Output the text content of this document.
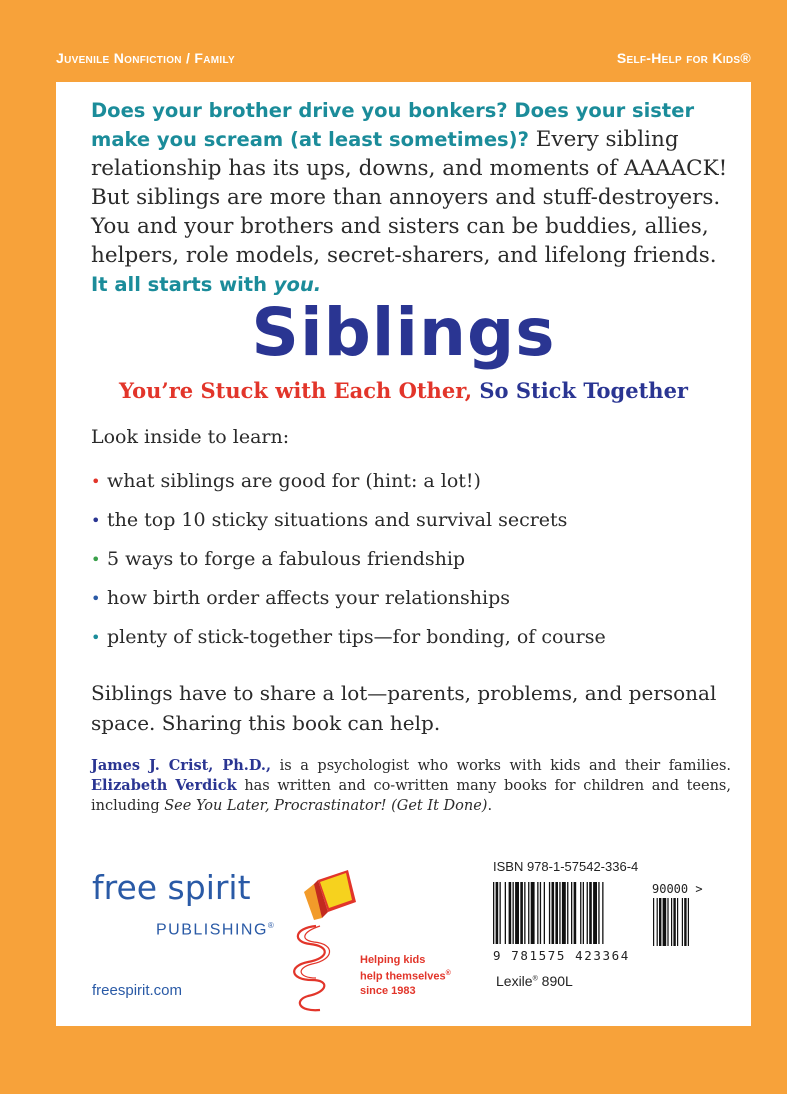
Juvenile Nonfiction / Family	Self-Help for Kids®
Does your brother drive you bonkers? Does your sister make you scream (at least sometimes)? Every sibling relationship has its ups, downs, and moments of AAAACK! But siblings are more than annoyers and stuff-destroyers. You and your brothers and sisters can be buddies, allies, helpers, role models, secret-sharers, and lifelong friends. It all starts with you.
Siblings
You’re Stuck with Each Other, So Stick Together
Look inside to learn:
• what siblings are good for (hint: a lot!)
• the top 10 sticky situations and survival secrets
• 5 ways to forge a fabulous friendship
• how birth order affects your relationships
• plenty of stick-together tips—for bonding, of course
Siblings have to share a lot—parents, problems, and personal space. Sharing this book can help.
James J. Crist, Ph.D., is a psychologist who works with kids and their families. Elizabeth Verdick has written and co-written many books for children and teens, including See You Later, Procrastinator! (Get It Done).
free spirit
PUBLISHING®
Helping kids
help themselves®
since 1983
freespirit.com
ISBN 978-1-57542-336-4
90000 >
9 781575 423364
Lexile® 890L
